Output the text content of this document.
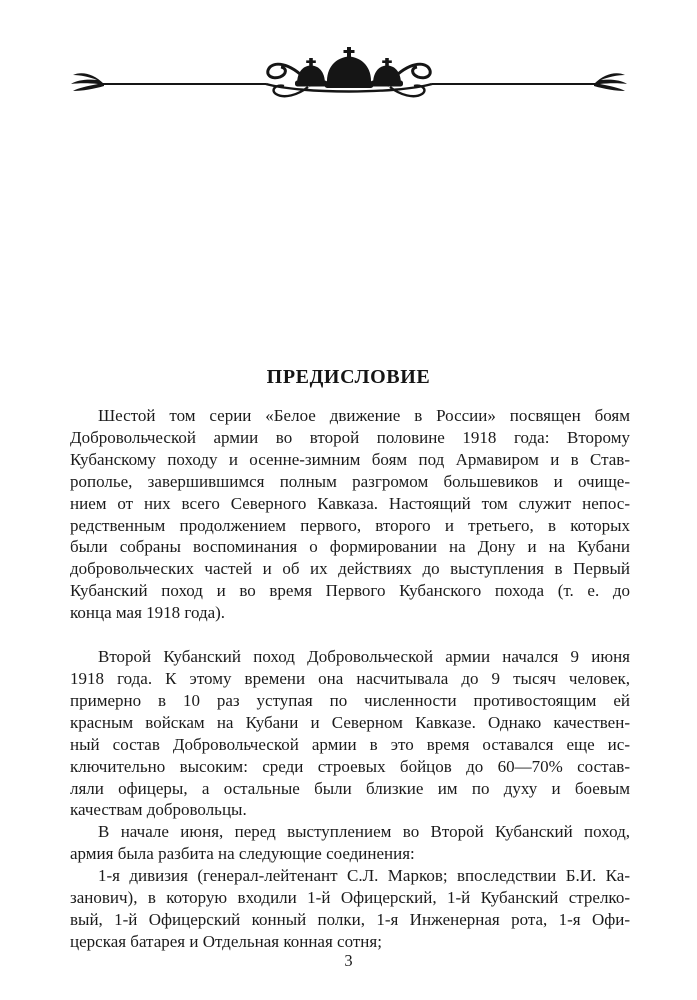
ПРЕДИСЛОВИЕ
Шестой том серии «Белое движение в России» посвящен боям
Добровольческой армии во второй половине 1918 года: Второму
Кубанскому походу и осенне-зимним боям под Армавиром и в Став-
рополье, завершившимся полным разгромом большевиков и очище-
нием от них всего Северного Кавказа. Настоящий том служит непос-
редственным продолжением первого, второго и третьего, в которых
были собраны воспоминания о формировании на Дону и на Кубани
добровольческих частей и об их действиях до выступления в Первый
Кубанский поход и во время Первого Кубанского похода (т. е. до
конца мая 1918 года).
Второй Кубанский поход Добровольческой армии начался 9 июня
1918 года. К этому времени она насчитывала до 9 тысяч человек,
примерно в 10 раз уступая по численности противостоящим ей
красным войскам на Кубани и Северном Кавказе. Однако качествен-
ный состав Добровольческой армии в это время оставался еще ис-
ключительно высоким: среди строевых бойцов до 60—70% состав-
ляли офицеры, а остальные были близкие им по духу и боевым
качествам добровольцы.
В начале июня, перед выступлением во Второй Кубанский поход,
армия была разбита на следующие соединения:
1-я дивизия (генерал-лейтенант С.Л. Марков; впоследствии Б.И. Ка-
занович), в которую входили 1-й Офицерский, 1-й Кубанский стрелко-
вый, 1-й Офицерский конный полки, 1-я Инженерная рота, 1-я Офи-
церская батарея и Отдельная конная сотня;
3
